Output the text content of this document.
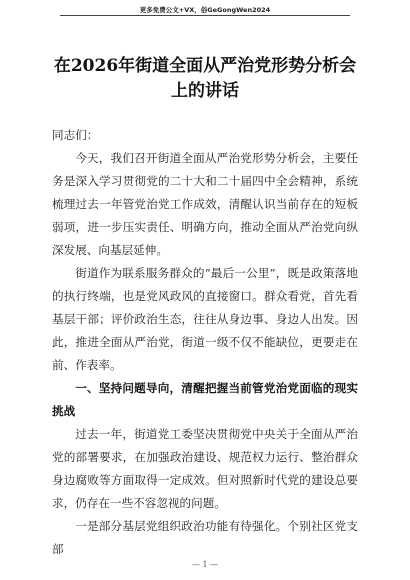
更多免费公文+VX，俗GeGongWen2024
在2026年街道全面从严治党形势分析会
上的讲话

同志们：

今天，我们召开街道全面从严治党形势分析会，主要任务是深入学习贯彻党的二十大和二十届四中全会精神，系统梳理过去一年管党治党工作成效，清醒认识当前存在的短板弱项，进一步压实责任、明确方向，推动全面从严治党向纵深发展、向基层延伸。

街道作为联系服务群众的“最后一公里”，既是政策落地的执行终端，也是党风政风的直接窗口。群众看党，首先看基层干部；评价政治生态，往往从身边事、身边人出发。因此，推进全面从严治党，街道一级不仅不能缺位，更要走在前、作表率。

一、坚持问题导向，清醒把握当前管党治党面临的现实挑战

过去一年，街道党工委坚决贯彻党中央关于全面从严治党的部署要求，在加强政治建设、规范权力运行、整治群众身边腐败等方面取得一定成效。但对照新时代党的建设总要求，仍存在一些不容忽视的问题。

一是部分基层党组织政治功能有待强化。个别社区党支部

— 1 —
